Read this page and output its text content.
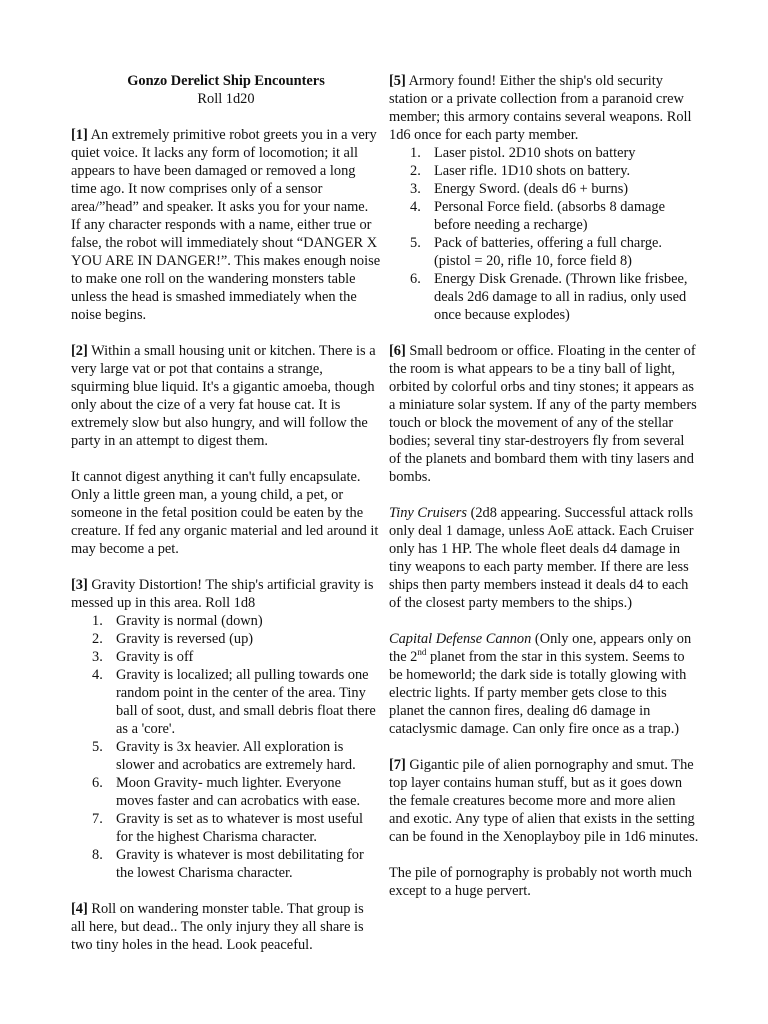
Gonzo Derelict Ship Encounters

Roll 1d20

[1] An extremely primitive robot greets you in a very quiet voice. It lacks any form of locomotion; it all appears to have been damaged or removed a long time ago. It now comprises only of a sensor area/”head” and speaker. It asks you for your name. If any character responds with a name, either true or false, the robot will immediately shout “DANGER X YOU ARE IN DANGER!”. This makes enough noise to make one roll on the wandering monsters table unless the head is smashed immediately when the noise begins.

[2] Within a small housing unit or kitchen. There is a very large vat or pot that contains a strange, squirming blue liquid. It's a gigantic amoeba, though only about the cize of a very fat house cat. It is extremely slow but also hungry, and will follow the party in an attempt to digest them.

It cannot digest anything it can't fully encapsulate. Only a little green man, a young child, a pet, or someone in the fetal position could be eaten by the creature. If fed any organic material and led around it may become a pet.

[3] Gravity Distortion! The ship's artificial gravity is messed up in this area. Roll 1d8

1. Gravity is normal (down)
2. Gravity is reversed (up)
3. Gravity is off
4. Gravity is localized; all pulling towards one random point in the center of the area. Tiny ball of soot, dust, and small debris float there as a 'core'.
5. Gravity is 3x heavier. All exploration is slower and acrobatics are extremely hard.
6. Moon Gravity- much lighter. Everyone moves faster and can acrobatics with ease.
7. Gravity is set as to whatever is most useful for the highest Charisma character.
8. Gravity is whatever is most debilitating for the lowest Charisma character.

[4] Roll on wandering monster table. That group is all here, but dead.. The only injury they all share is two tiny holes in the head. Look peaceful.

[5] Armory found! Either the ship's old security station or a private collection from a paranoid crew member; this armory contains several weapons. Roll 1d6 once for each party member.

1. Laser pistol. 2D10 shots on battery
2. Laser rifle. 1D10 shots on battery.
3. Energy Sword. (deals d6 + burns)
4. Personal Force field. (absorbs 8 damage before needing a recharge)
5. Pack of batteries, offering a full charge. (pistol = 20, rifle 10, force field 8)
6. Energy Disk Grenade. (Thrown like frisbee, deals 2d6 damage to all in radius, only used once because explodes)

[6] Small bedroom or office. Floating in the center of the room is what appears to be a tiny ball of light, orbited by colorful orbs and tiny stones; it appears as a miniature solar system. If any of the party members touch or block the movement of any of the stellar bodies; several tiny star-destroyers fly from several of the planets and bombard them with tiny lasers and bombs.

Tiny Cruisers (2d8 appearing. Successful attack rolls only deal 1 damage, unless AoE attack. Each Cruiser only has 1 HP. The whole fleet deals d4 damage in tiny weapons to each party member. If there are less ships then party members instead it deals d4 to each of the closest party members to the ships.)

Capital Defense Cannon (Only one, appears only on the 2nd planet from the star in this system. Seems to be homeworld; the dark side is totally glowing with electric lights. If party member gets close to this planet the cannon fires, dealing d6 damage in cataclysmic damage. Can only fire once as a trap.)

[7] Gigantic pile of alien pornography and smut. The top layer contains human stuff, but as it goes down the female creatures become more and more alien and exotic. Any type of alien that exists in the setting can be found in the Xenoplayboy pile in 1d6 minutes.

The pile of pornography is probably not worth much except to a huge pervert.
